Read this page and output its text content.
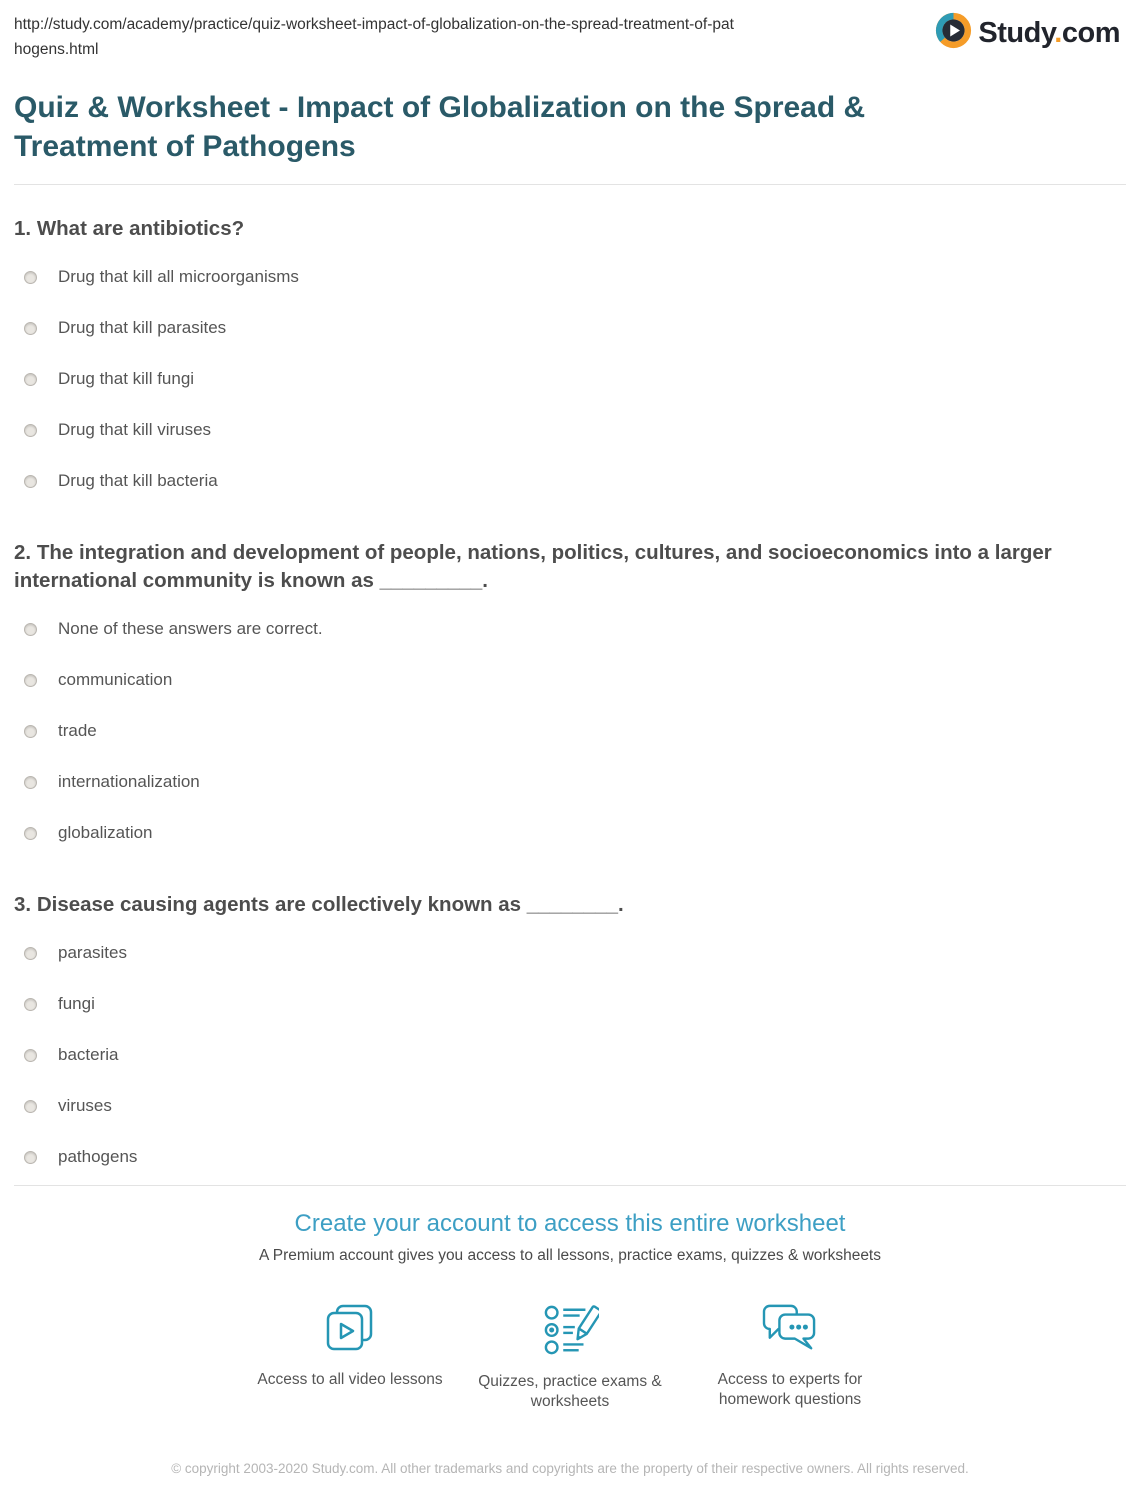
http://study.com/academy/practice/quiz-worksheet-impact-of-globalization-on-the-spread-treatment-of-pathogens.html
Study.com
Quiz & Worksheet - Impact of Globalization on the Spread & Treatment of Pathogens
1. What are antibiotics?
Drug that kill all microorganisms
Drug that kill parasites
Drug that kill fungi
Drug that kill viruses
Drug that kill bacteria
2. The integration and development of people, nations, politics, cultures, and socioeconomics into a larger international community is known as _________.
None of these answers are correct.
communication
trade
internationalization
globalization
3. Disease causing agents are collectively known as ________.
parasites
fungi
bacteria
viruses
pathogens
Create your account to access this entire worksheet
A Premium account gives you access to all lessons, practice exams, quizzes & worksheets
Access to all video lessons	Quizzes, practice exams & worksheets
Access to experts for homework questions
© copyright 2003-2020 Study.com. All other trademarks and copyrights are the property of their respective owners. All rights reserved.
